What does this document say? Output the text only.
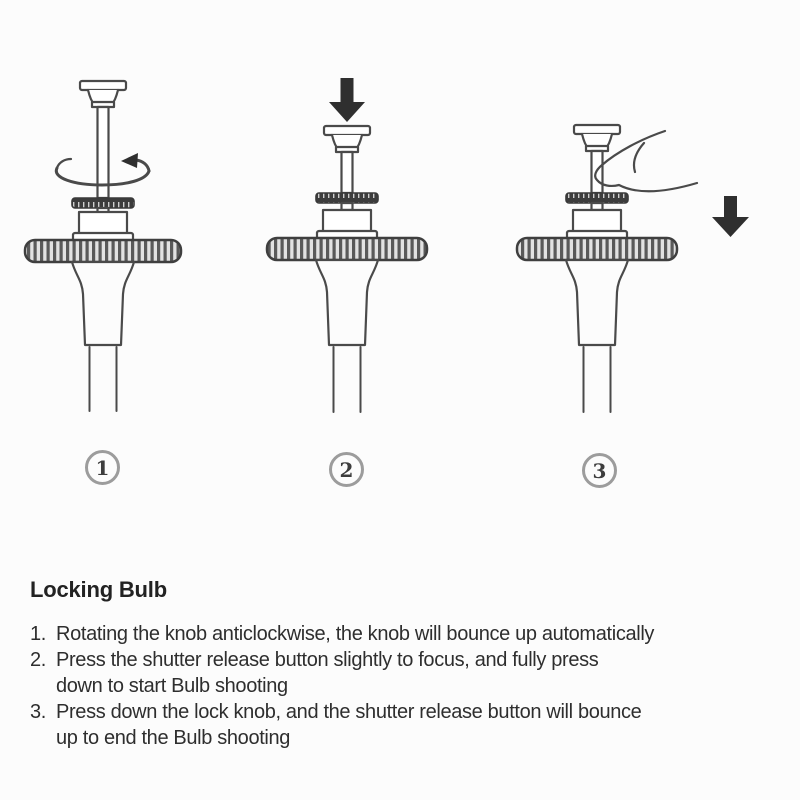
1	2	3
Locking Bulb
1. Rotating the knob anticlockwise, the knob will bounce up automatically
2. Press the shutter release button slightly to focus, and fully press
down to start Bulb shooting
3. Press down the lock knob, and the shutter release button will bounce
up to end the Bulb shooting
